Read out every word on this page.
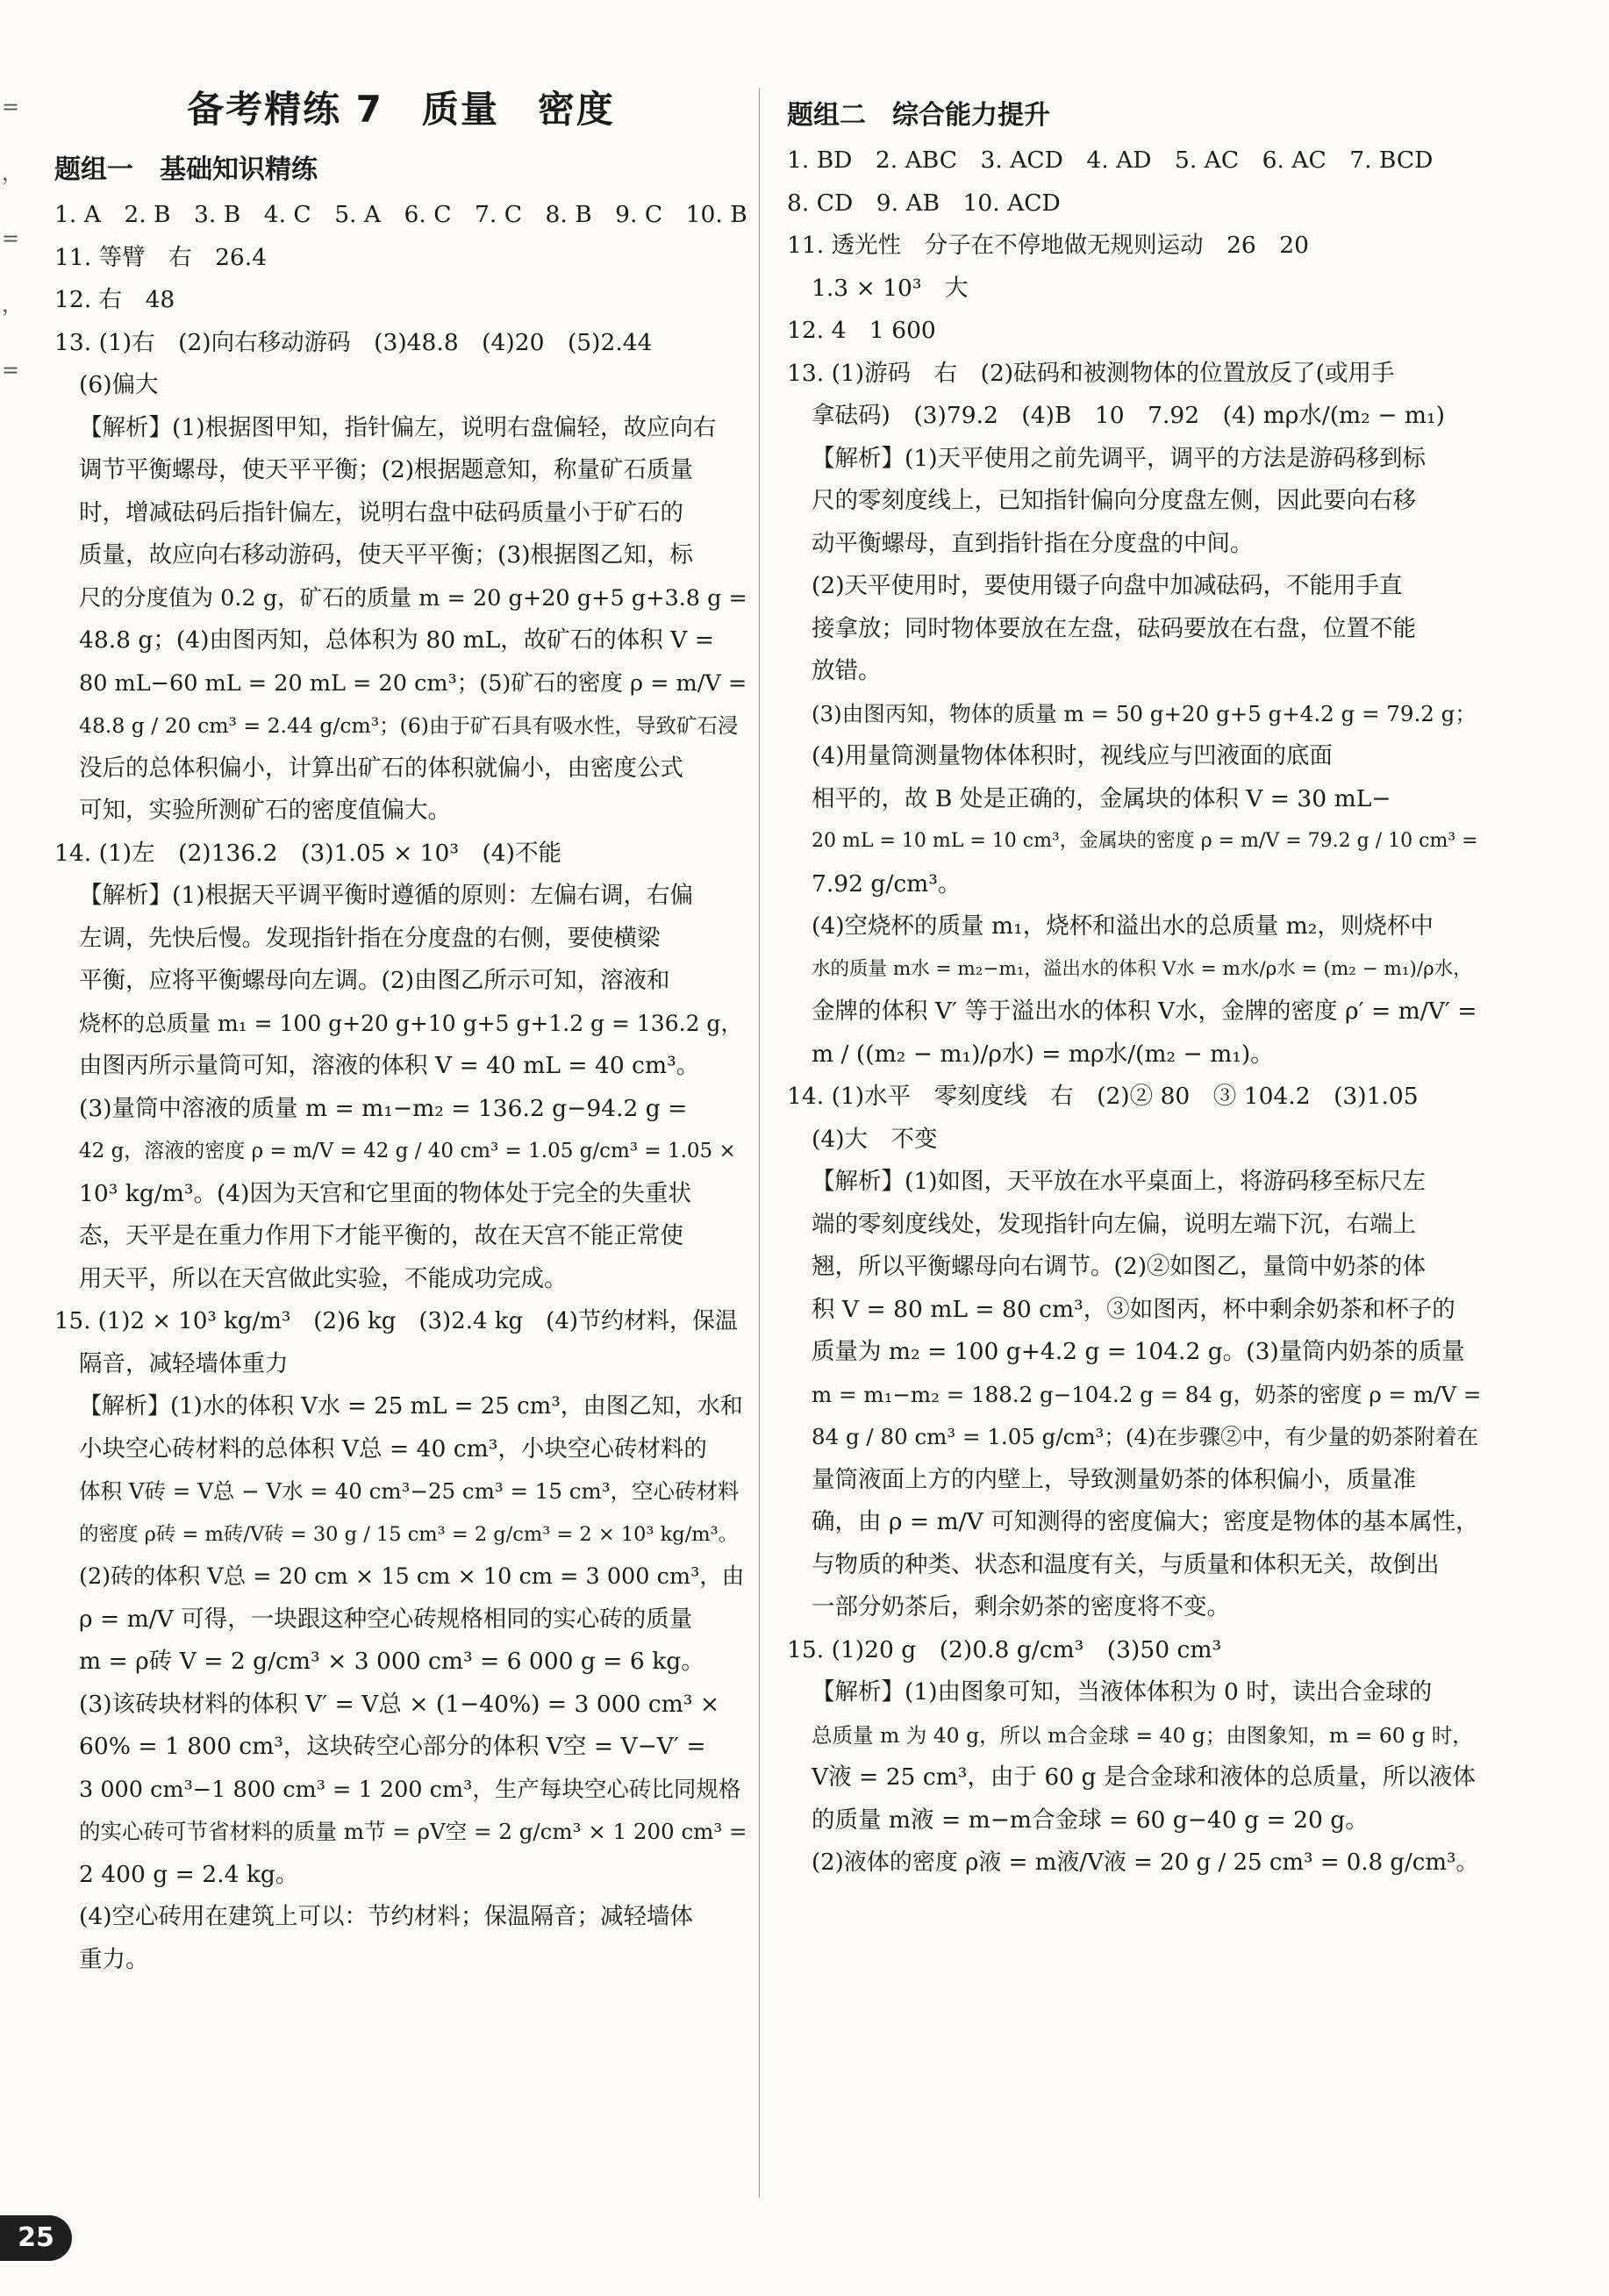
=
，
=
，
=
备考精练 7　质量　密度
题组一　基础知识精练
1. A　2. B　3. B　4. C　5. A　6. C　7. C　8. B　9. C　10. B
11. 等臂　右　26.4
12. 右　48
13. (1)右　(2)向右移动游码　(3)48.8　(4)20　(5)2.44
(6)偏大
【解析】(1)根据图甲知，指针偏左，说明右盘偏轻，故应向右
调节平衡螺母，使天平平衡；(2)根据题意知，称量矿石质量
时，增减砝码后指针偏左，说明右盘中砝码质量小于矿石的
质量，故应向右移动游码，使天平平衡；(3)根据图乙知，标
尺的分度值为 0.2 g，矿石的质量 m = 20 g+20 g+5 g+3.8 g =
48.8 g；(4)由图丙知，总体积为 80 mL，故矿石的体积 V =
80 mL−60 mL = 20 mL = 20 cm³；(5)矿石的密度 ρ = m/V =
48.8 g / 20 cm³ = 2.44 g/cm³；(6)由于矿石具有吸水性，导致矿石浸
没后的总体积偏小，计算出矿石的体积就偏小，由密度公式
可知，实验所测矿石的密度值偏大。
14. (1)左　(2)136.2　(3)1.05 × 10³　(4)不能
【解析】(1)根据天平调平衡时遵循的原则：左偏右调，右偏
左调，先快后慢。发现指针指在分度盘的右侧，要使横梁
平衡，应将平衡螺母向左调。(2)由图乙所示可知，溶液和
烧杯的总质量 m₁ = 100 g+20 g+10 g+5 g+1.2 g = 136.2 g，
由图丙所示量筒可知，溶液的体积 V = 40 mL = 40 cm³。
(3)量筒中溶液的质量 m = m₁−m₂ = 136.2 g−94.2 g =
42 g，溶液的密度 ρ = m/V = 42 g / 40 cm³ = 1.05 g/cm³ = 1.05 ×
10³ kg/m³。(4)因为天宫和它里面的物体处于完全的失重状
态，天平是在重力作用下才能平衡的，故在天宫不能正常使
用天平，所以在天宫做此实验，不能成功完成。
15. (1)2 × 10³ kg/m³　(2)6 kg　(3)2.4 kg　(4)节约材料，保温
隔音，减轻墙体重力
【解析】(1)水的体积 V水 = 25 mL = 25 cm³，由图乙知，水和
小块空心砖材料的总体积 V总 = 40 cm³，小块空心砖材料的
体积 V砖 = V总 − V水 = 40 cm³−25 cm³ = 15 cm³，空心砖材料
的密度 ρ砖 = m砖/V砖 = 30 g / 15 cm³ = 2 g/cm³ = 2 × 10³ kg/m³。
(2)砖的体积 V总 = 20 cm × 15 cm × 10 cm = 3 000 cm³，由
ρ = m/V 可得，一块跟这种空心砖规格相同的实心砖的质量
m = ρ砖 V = 2 g/cm³ × 3 000 cm³ = 6 000 g = 6 kg。
(3)该砖块材料的体积 V′ = V总 × (1−40%) = 3 000 cm³ ×
60% = 1 800 cm³，这块砖空心部分的体积 V空 = V−V′ =
3 000 cm³−1 800 cm³ = 1 200 cm³，生产每块空心砖比同规格
的实心砖可节省材料的质量 m节 = ρV空 = 2 g/cm³ × 1 200 cm³ =
2 400 g = 2.4 kg。
(4)空心砖用在建筑上可以：节约材料；保温隔音；减轻墙体
重力。
题组二　综合能力提升
1. BD　2. ABC　3. ACD　4. AD　5. AC　6. AC　7. BCD
8. CD　9. AB　10. ACD
11. 透光性　分子在不停地做无规则运动　26　20
1.3 × 10³　大
12. 4　1 600
13. (1)游码　右　(2)砝码和被测物体的位置放反了(或用手
拿砝码)　(3)79.2　(4)B　10　7.92　(4) mρ水/(m₂ − m₁)
【解析】(1)天平使用之前先调平，调平的方法是游码移到标
尺的零刻度线上，已知指针偏向分度盘左侧，因此要向右移
动平衡螺母，直到指针指在分度盘的中间。
(2)天平使用时，要使用镊子向盘中加减砝码，不能用手直
接拿放；同时物体要放在左盘，砝码要放在右盘，位置不能
放错。
(3)由图丙知，物体的质量 m = 50 g+20 g+5 g+4.2 g = 79.2 g；
(4)用量筒测量物体体积时，视线应与凹液面的底面
相平的，故 B 处是正确的，金属块的体积 V = 30 mL−
20 mL = 10 mL = 10 cm³，金属块的密度 ρ = m/V = 79.2 g / 10 cm³ =
7.92 g/cm³。
(4)空烧杯的质量 m₁，烧杯和溢出水的总质量 m₂，则烧杯中
水的质量 m水 = m₂−m₁，溢出水的体积 V水 = m水/ρ水 = (m₂ − m₁)/ρ水，
金牌的体积 V′ 等于溢出水的体积 V水，金牌的密度 ρ′ = m/V′ =
m / ((m₂ − m₁)/ρ水) = mρ水/(m₂ − m₁)。
14. (1)水平　零刻度线　右　(2)② 80　③ 104.2　(3)1.05
(4)大　不变
【解析】(1)如图，天平放在水平桌面上，将游码移至标尺左
端的零刻度线处，发现指针向左偏，说明左端下沉，右端上
翘，所以平衡螺母向右调节。(2)②如图乙，量筒中奶茶的体
积 V = 80 mL = 80 cm³，③如图丙，杯中剩余奶茶和杯子的
质量为 m₂ = 100 g+4.2 g = 104.2 g。(3)量筒内奶茶的质量
m = m₁−m₂ = 188.2 g−104.2 g = 84 g，奶茶的密度 ρ = m/V =
84 g / 80 cm³ = 1.05 g/cm³；(4)在步骤②中，有少量的奶茶附着在
量筒液面上方的内壁上，导致测量奶茶的体积偏小，质量准
确，由 ρ = m/V 可知测得的密度偏大；密度是物体的基本属性，
与物质的种类、状态和温度有关，与质量和体积无关，故倒出
一部分奶茶后，剩余奶茶的密度将不变。
15. (1)20 g　(2)0.8 g/cm³　(3)50 cm³
【解析】(1)由图象可知，当液体体积为 0 时，读出合金球的
总质量 m 为 40 g，所以 m合金球 = 40 g；由图象知，m = 60 g 时，
V液 = 25 cm³，由于 60 g 是合金球和液体的总质量，所以液体
的质量 m液 = m−m合金球 = 60 g−40 g = 20 g。
(2)液体的密度 ρ液 = m液/V液 = 20 g / 25 cm³ = 0.8 g/cm³。
25
